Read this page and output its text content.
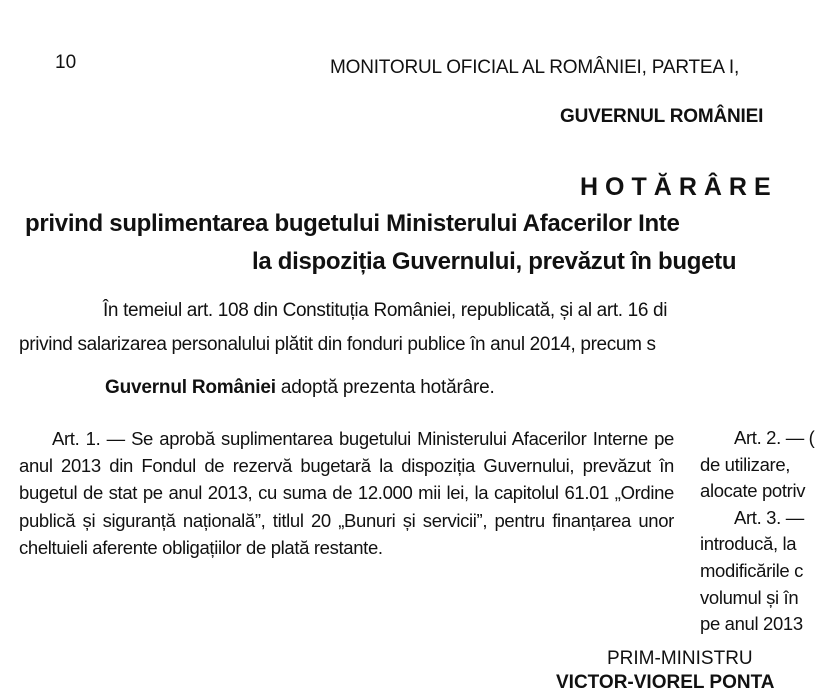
10	MONITORUL OFICIAL AL ROMÂNIEI, PARTEA I,
GUVERNUL ROMÂNIEI
HOTĂRÂRE
privind suplimentarea bugetului Ministerului Afacerilor Inte
la dispoziția Guvernului, prevăzut în bugetu
În temeiul art. 108 din Constituția României, republicată, și al art. 16 di
privind salarizarea personalului plătit din fonduri publice în anul 2014, precum s
Guvernul României adoptă prezenta hotărâre.

Art. 1. — Se aprobă suplimentarea bugetului Ministerului Afacerilor Interne pe anul 2013 din Fondul de rezervă bugetară la dispoziția Guvernului, prevăzut în bugetul de stat pe anul 2013, cu suma de 12.000 mii lei, la capitolul 61.01 „Ordine publică și siguranță națională”, titlul 20 „Bunuri și servicii”, pentru finanțarea unor cheltuieli aferente obligațiilor de plată restante.

Art. 2. — (
de utilizare,
alocate potriv
Art. 3. —
introducă, la
modificările c
volumul și în
pe anul 2013
PRIM-MINISTRU
VICTOR-VIOREL PONTA
